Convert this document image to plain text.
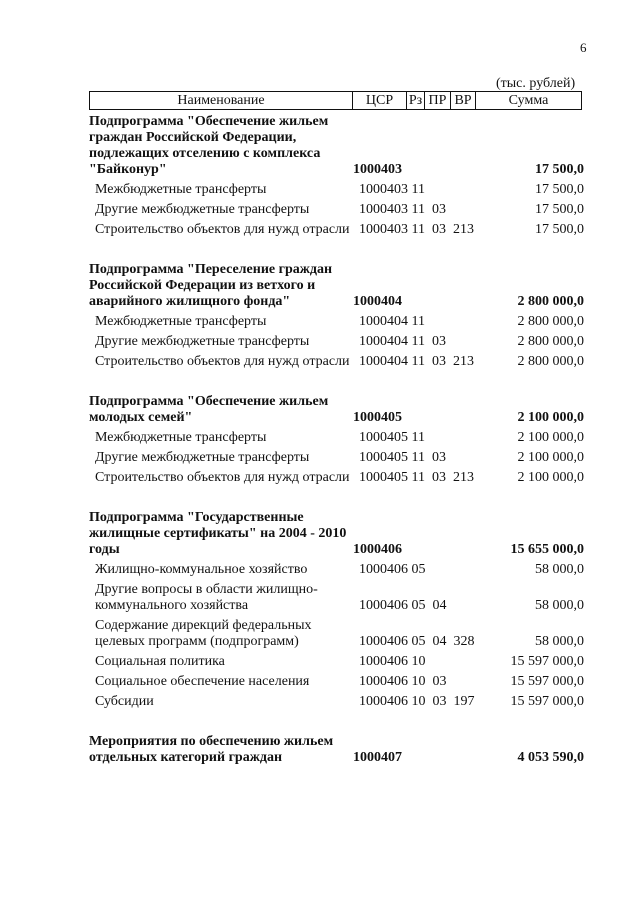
6
(тыс. рублей)
Наименование	ЦСР	Рз ПР ВР	Сумма
Подпрограмма "Обеспечение жильем граждан Российской Федерации, подлежащих отселению с комплекса "Байконур"	1000403	17 500,0
Межбюджетные трансферты	1000403 11	17 500,0
Другие межбюджетные трансферты	1000403 11  03	17 500,0
Строительство объектов для нужд отрасли 1000403 11  03  213	17 500,0
Подпрограмма "Переселение граждан Российской Федерации из ветхого и аварийного жилищного фонда"	1000404	2 800 000,0
Межбюджетные трансферты	1000404 11	2 800 000,0
Другие межбюджетные трансферты	1000404 11  03	2 800 000,0
Строительство объектов для нужд отрасли 1000404 11  03  213	2 800 000,0
Подпрограмма "Обеспечение жильем молодых семей"	1000405	2 100 000,0
Межбюджетные трансферты	1000405 11	2 100 000,0
Другие межбюджетные трансферты	1000405 11  03	2 100 000,0
Строительство объектов для нужд отрасли 1000405 11  03  213	2 100 000,0
Подпрограмма "Государственные жилищные сертификаты" на 2004 - 2010 годы	1000406	15 655 000,0
Жилищно-коммунальное хозяйство	1000406 05	58 000,0
Другие вопросы в области жилищно-коммунального хозяйства	1000406 05  04	58 000,0
Содержание дирекций федеральных целевых программ (подпрограмм)	1000406 05  04  328	58 000,0
Социальная политика	1000406 10	15 597 000,0
Социальное обеспечение населения	1000406 10  03	15 597 000,0
Субсидии	1000406 10  03  197	15 597 000,0
Мероприятия по обеспечению жильем отдельных категорий граждан	1000407	4 053 590,0
